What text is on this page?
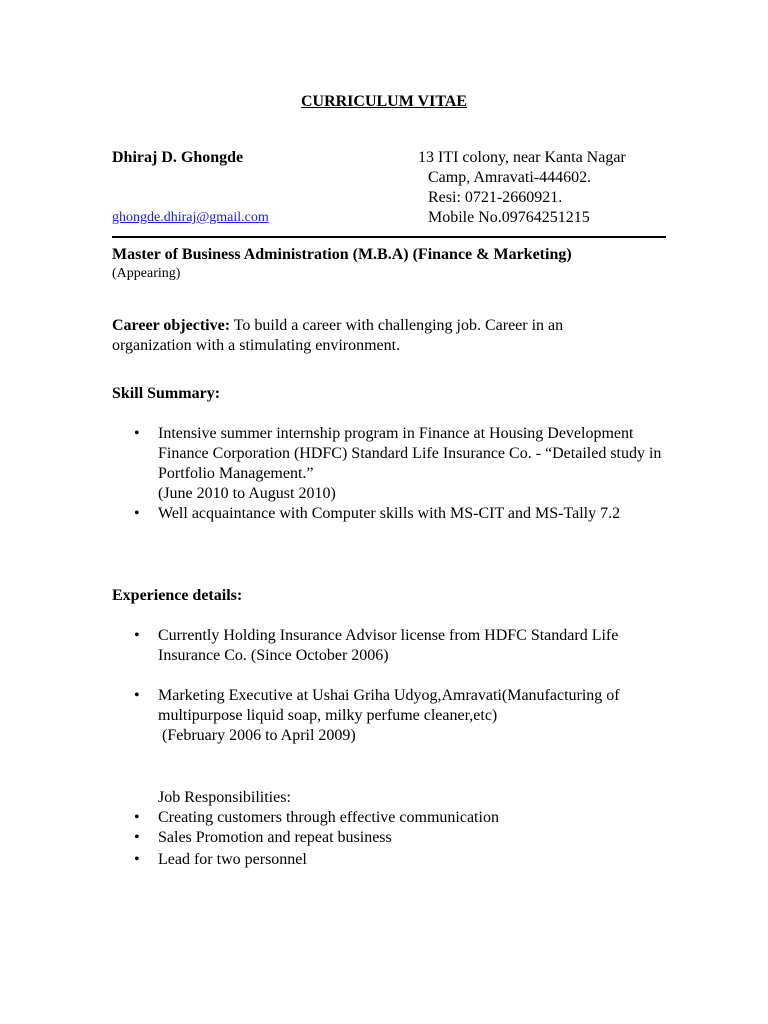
CURRICULUM VITAE
Dhiraj D. Ghongde	13 ITI colony, near Kanta Nagar
Camp, Amravati-444602.
Resi: 0721-2660921.
Mobile No.09764251215
ghongde.dhiraj@gmail.com
Master of Business Administration (M.B.A) (Finance & Marketing)
(Appearing)
Career objective: To build a career with challenging job. Career in an organization with a stimulating environment.
Skill Summary:
• Intensive summer internship program in Finance at Housing Development Finance Corporation (HDFC) Standard Life Insurance Co. - “Detailed study in Portfolio Management.”
(June 2010 to August 2010)
• Well acquaintance with Computer skills with MS-CIT and MS-Tally 7.2
Experience details:
• Currently Holding Insurance Advisor license from HDFC Standard Life Insurance Co. (Since October 2006)
• Marketing Executive at Ushai Griha Udyog,Amravati(Manufacturing of multipurpose liquid soap, milky perfume cleaner,etc)
(February 2006 to April 2009)
Job Responsibilities:
• Creating customers through effective communication
• Sales Promotion and repeat business
• Lead for two personnel
